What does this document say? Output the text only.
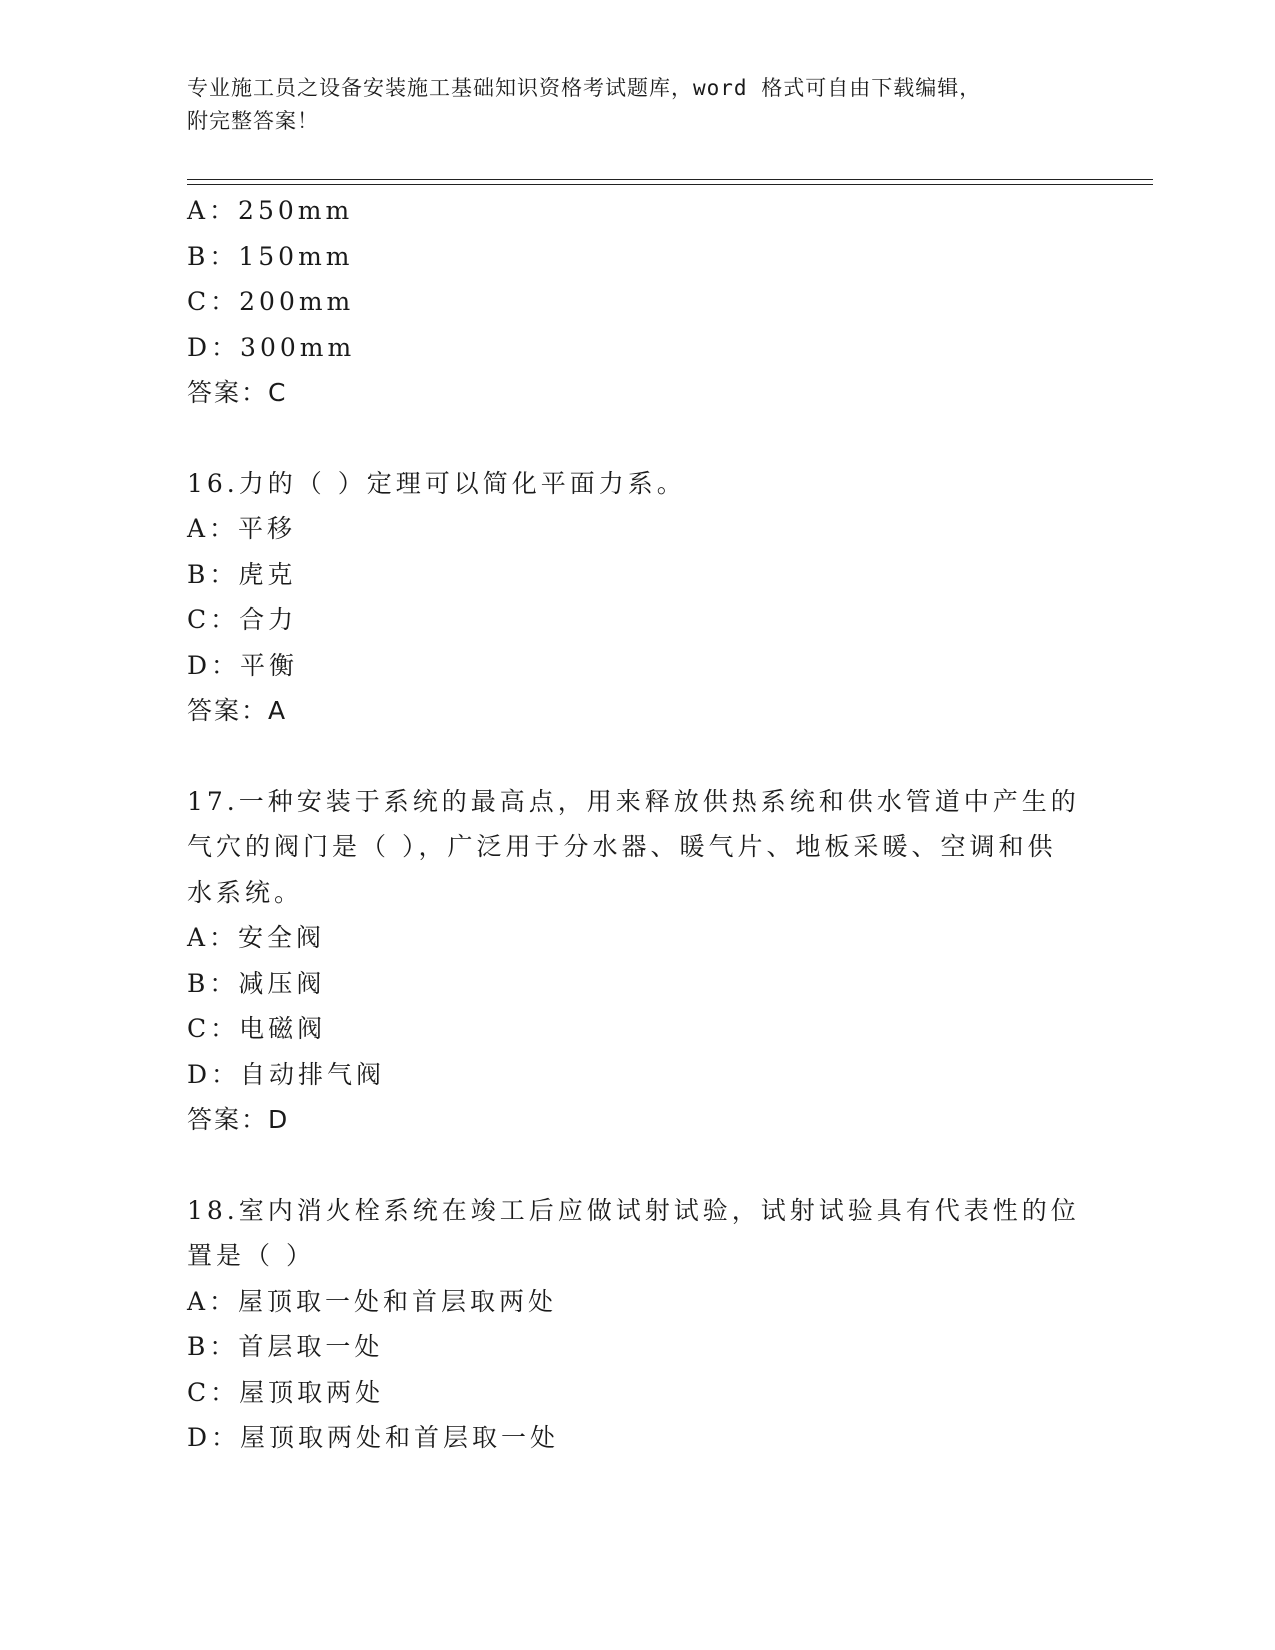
专业施工员之设备安装施工基础知识资格考试题库，word 格式可自由下载编辑，
附完整答案！
A：250mm
B：150mm
C：200mm
D：300mm
答案：C
16.力的（ ）定理可以简化平面力系。
A：平移
B：虎克
C：合力
D：平衡
答案：A
17.一种安装于系统的最高点，用来释放供热系统和供水管道中产生的
气穴的阀门是（ ），广泛用于分水器、暖气片、地板采暖、空调和供
水系统。
A：安全阀
B：减压阀
C：电磁阀
D：自动排气阀
答案：D
18.室内消火栓系统在竣工后应做试射试验，试射试验具有代表性的位
置是（ ）
A：屋顶取一处和首层取两处
B：首层取一处
C：屋顶取两处
D：屋顶取两处和首层取一处
